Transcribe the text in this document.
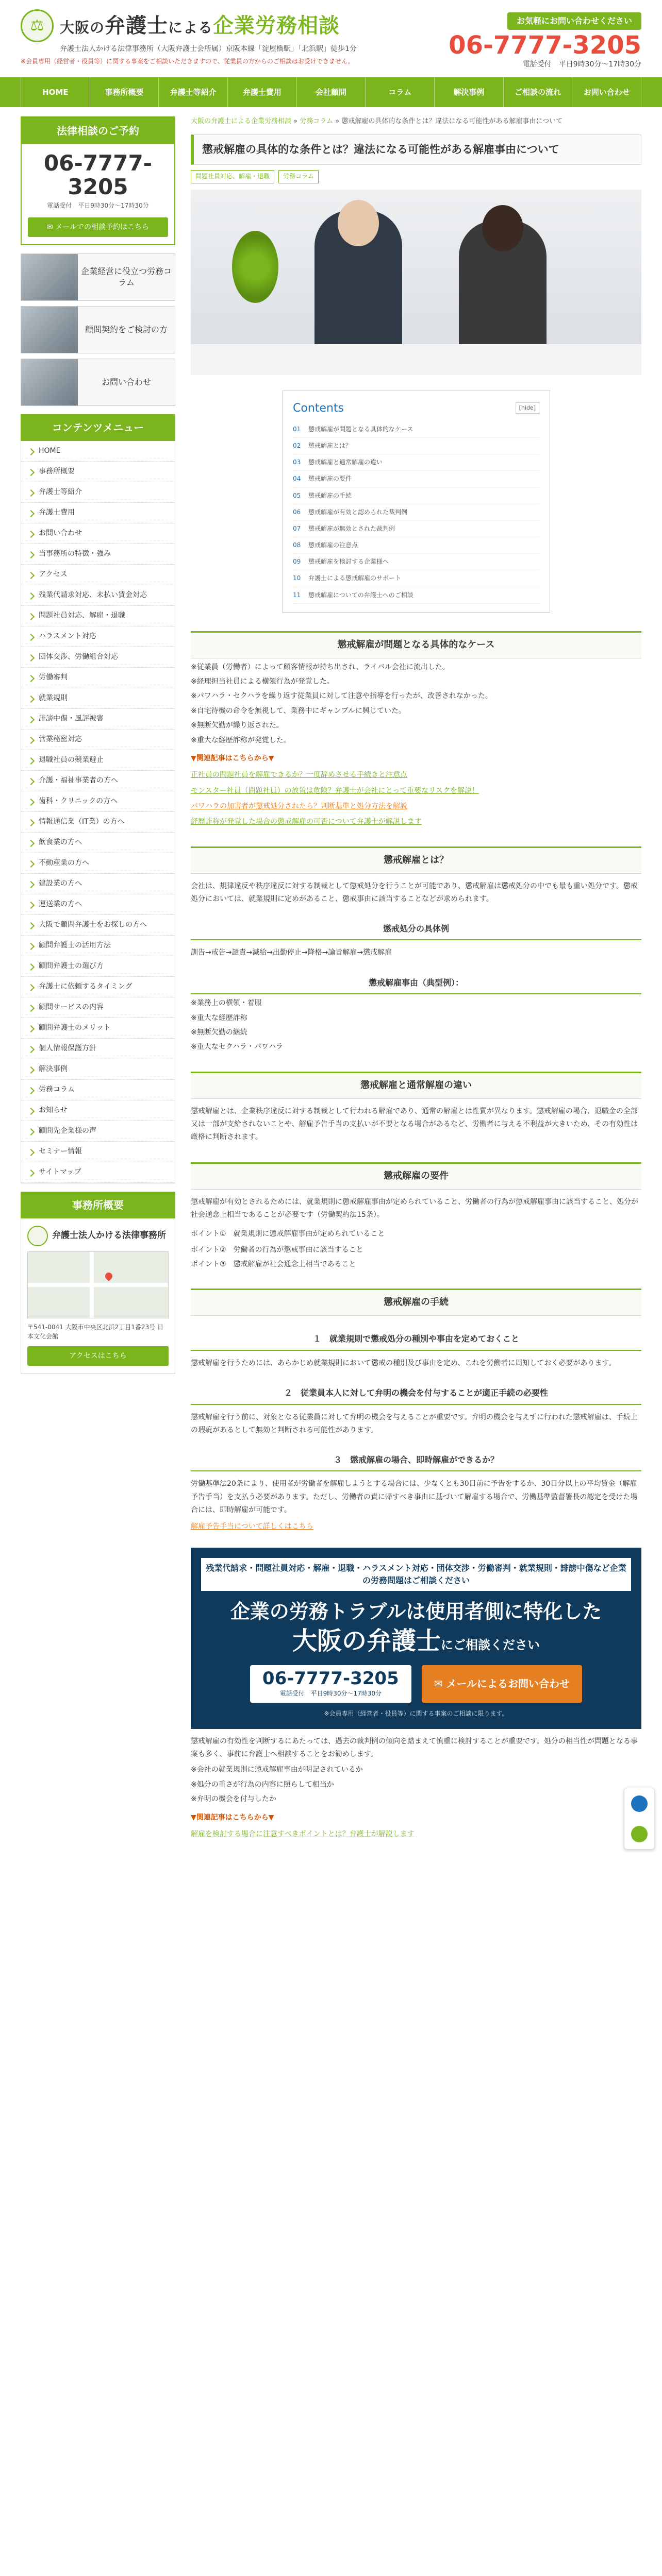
⚖	大阪の弁護士による企業労務相談
弁護士法人かける法律事務所（大阪弁護士会所属）京阪本線「淀屋橋駅」「北浜駅」徒歩1分
※会員専用（経営者・役員等）に関する事案をご相談いただきますので、従業員の方からのご相談はお受けできません。
お気軽にお問い合わせください
06-7777-3205
電話受付　平日9時30分〜17時30分
HOME	事務所概要	弁護士等紹介	弁護士費用	会社顧問	コラム	解決事例	ご相談の流れ	お問い合わせ
法律相談のご予約
06-7777-3205
電話受付　平日9時30分〜17時30分
✉ メールでの相談予約はこちら
企業経営に役立つ労務コラム
顧問契約をご検討の方
お問い合わせ
コンテンツメニュー
HOME
事務所概要
弁護士等紹介
弁護士費用
お問い合わせ
当事務所の特徴・強み
アクセス
残業代請求対応、未払い賃金対応
問題社員対応、解雇・退職
ハラスメント対応
団体交渉、労働組合対応
労働審判
就業規則
誹謗中傷・風評被害
営業秘密対応
退職社員の競業避止
介護・福祉事業者の方へ
歯科・クリニックの方へ
情報通信業（IT業）の方へ
飲食業の方へ
不動産業の方へ
建設業の方へ
運送業の方へ
大阪で顧問弁護士をお探しの方へ
顧問弁護士の活用方法
顧問弁護士の選び方
弁護士に依頼するタイミング
顧問サービスの内容
顧問弁護士のメリット
個人情報保護方針
解決事例
労務コラム
お知らせ
顧問先企業様の声
セミナー情報
サイトマップ
事務所概要
弁護士法人かける法律事務所
〒541-0041 大阪市中央区北浜2丁目1番23号 日本文化会館
アクセスはこちら
大阪の弁護士による企業労務相談 » 労務コラム » 懲戒解雇の具体的な条件とは？違法になる可能性がある解雇事由について
懲戒解雇の具体的な条件とは？違法になる可能性がある解雇事由について
問題社員対応、解雇・退職	労務コラム
Contents	[hide]
01	懲戒解雇が問題となる具体的なケース
02	懲戒解雇とは？
03	懲戒解雇と通常解雇の違い
04	懲戒解雇の要件
05	懲戒解雇の手続
06	懲戒解雇が有効と認められた裁判例
07	懲戒解雇が無効とされた裁判例
08	懲戒解雇の注意点
09	懲戒解雇を検討する企業様へ
10	弁護士による懲戒解雇のサポート
11	懲戒解雇についての弁護士へのご相談
懲戒解雇が問題となる具体的なケース

※従業員（労働者）によって顧客情報が持ち出され、ライバル会社に流出した。

※経理担当社員による横領行為が発覚した。

※パワハラ・セクハラを繰り返す従業員に対して注意や指導を行ったが、改善されなかった。

※自宅待機の命令を無視して、業務中にギャンブルに興じていた。

※無断欠勤が繰り返された。

※重大な経歴詐称が発覚した。

▼関連記事はこちらから▼

正社員の問題社員を解雇できるか？一度辞めさせる手続きと注意点
モンスター社員（問題社員）の放置は危険？弁護士が会社にとって重要なリスクを解説！
パワハラの加害者が懲戒処分されたら？判断基準と処分方法を解説
経歴詐称が発覚した場合の懲戒解雇の可否について弁護士が解説します
懲戒解雇とは？

会社は、規律違反や秩序違反に対する制裁として懲戒処分を行うことが可能であり、懲戒解雇は懲戒処分の中でも最も重い処分です。懲戒処分においては、就業規則に定めがあること、懲戒事由に該当することなどが求められます。

懲戒処分の具体例

訓告→戒告→譴責→減給→出勤停止→降格→諭旨解雇→懲戒解雇

懲戒解雇事由（典型例）：

※業務上の横領・着服

※重大な経歴詐称

※無断欠勤の継続

※重大なセクハラ・パワハラ

懲戒解雇と通常解雇の違い

懲戒解雇とは、企業秩序違反に対する制裁として行われる解雇であり、通常の解雇とは性質が異なります。懲戒解雇の場合、退職金の全部又は一部が支給されないことや、解雇予告手当の支払いが不要となる場合があるなど、労働者に与える不利益が大きいため、その有効性は厳格に判断されます。

懲戒解雇の要件

懲戒解雇が有効とされるためには、就業規則に懲戒解雇事由が定められていること、労働者の行為が懲戒解雇事由に該当すること、処分が社会通念上相当であることが必要です（労働契約法15条）。

ポイント①　就業規則に懲戒解雇事由が定められていること

ポイント②　労働者の行為が懲戒事由に該当すること

ポイント③　懲戒解雇が社会通念上相当であること

懲戒解雇の手続
１　就業規則で懲戒処分の種別や事由を定めておくこと

懲戒解雇を行うためには、あらかじめ就業規則において懲戒の種別及び事由を定め、これを労働者に周知しておく必要があります。

２　従業員本人に対して弁明の機会を付与することが適正手続の必要性

懲戒解雇を行う前に、対象となる従業員に対して弁明の機会を与えることが重要です。弁明の機会を与えずに行われた懲戒解雇は、手続上の瑕疵があるとして無効と判断される可能性があります。

３　懲戒解雇の場合、即時解雇ができるか？

労働基準法20条により、使用者が労働者を解雇しようとする場合には、少なくとも30日前に予告をするか、30日分以上の平均賃金（解雇予告手当）を支払う必要があります。ただし、労働者の責に帰すべき事由に基づいて解雇する場合で、労働基準監督署長の認定を受けた場合には、即時解雇が可能です。

解雇予告手当について詳しくはこちら
残業代請求・問題社員対応・解雇・退職・ハラスメント対応・団体交渉・労働審判・就業規則・誹謗中傷など企業の労務問題はご相談ください
企業の労務トラブルは使用者側に特化した
大阪の弁護士にご相談ください
06-7777-3205
電話受付　平日9時30分〜17時30分
✉ メールによるお問い合わせ
※会員専用（経営者・役員等）に関する事案のご相談に限ります。

懲戒解雇の有効性を判断するにあたっては、過去の裁判例の傾向を踏まえて慎重に検討することが重要です。処分の相当性が問題となる事案も多く、事前に弁護士へ相談することをお勧めします。

※会社の就業規則に懲戒解雇事由が明記されているか

※処分の重さが行為の内容に照らして相当か

※弁明の機会を付与したか

▼関連記事はこちらから▼

解雇を検討する場合に注意すべきポイントとは？弁護士が解説します
